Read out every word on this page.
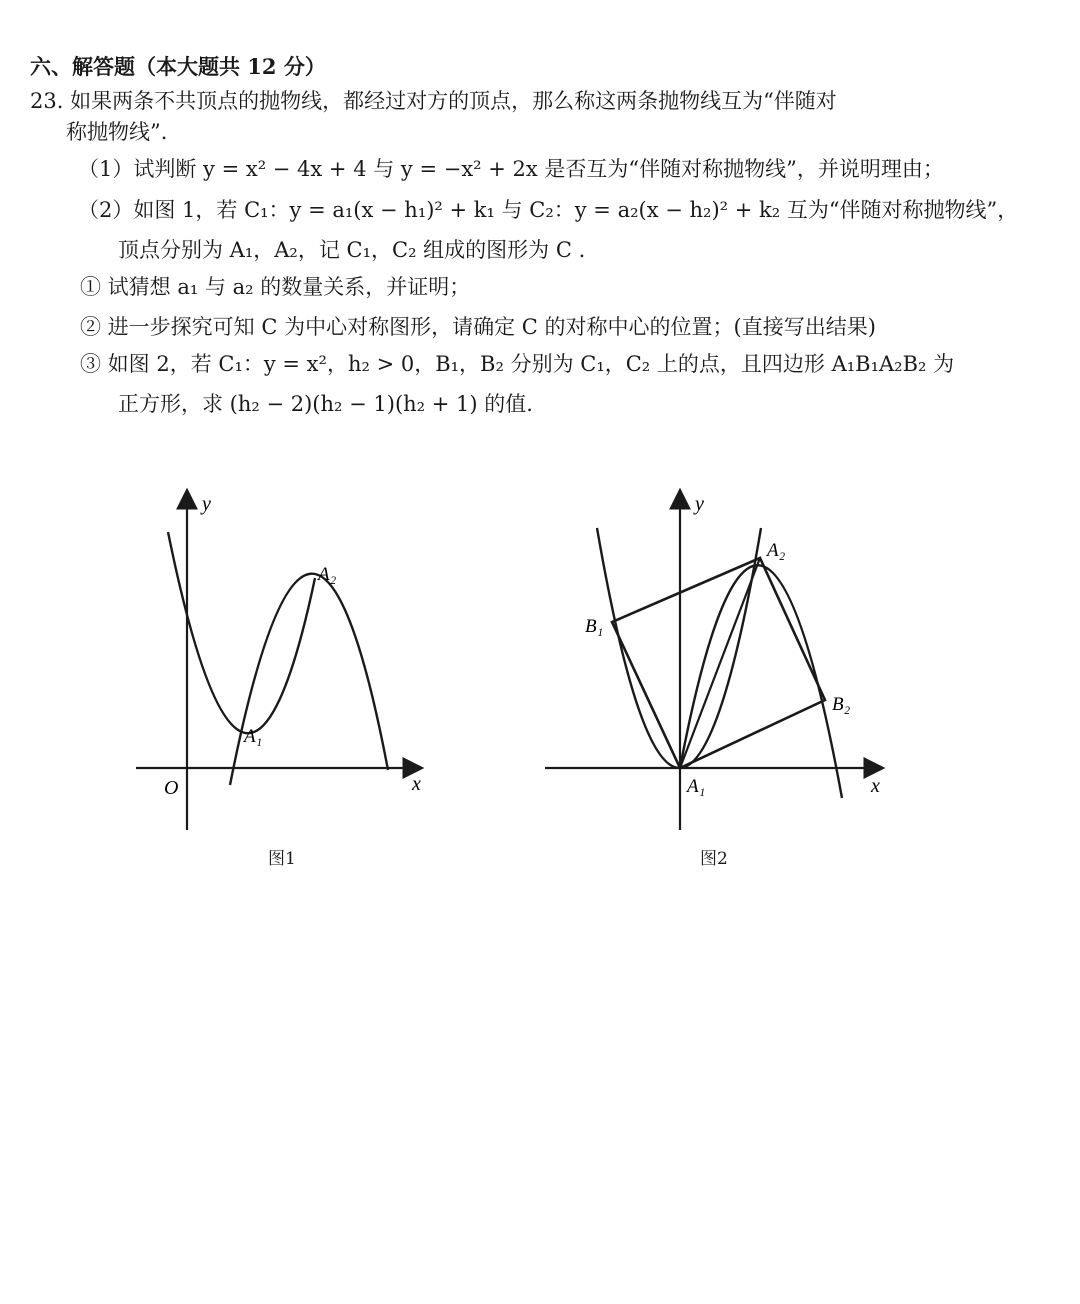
六、解答题（本大题共 12 分）
23. 如果两条不共顶点的抛物线，都经过对方的顶点，那么称这两条抛物线互为“伴随对
称抛物线”.
（1）试判断 y = x² − 4x + 4 与 y = −x² + 2x 是否互为“伴随对称抛物线”，并说明理由；
（2）如图 1，若 C₁：y = a₁(x − h₁)² + k₁ 与 C₂：y = a₂(x − h₂)² + k₂ 互为“伴随对称抛物线”，
顶点分别为 A₁，A₂，记 C₁，C₂ 组成的图形为 C .
① 试猜想 a₁ 与 a₂ 的数量关系，并证明；
② 进一步探究可知 C 为中心对称图形，请确定 C 的对称中心的位置；(直接写出结果)
③ 如图 2，若 C₁：y = x²，h₂ > 0，B₁，B₂ 分别为 C₁，C₂ 上的点，且四边形 A₁B₁A₂B₂ 为
正方形，求 (h₂ − 2)(h₂ − 1)(h₂ + 1) 的值.
y
x
O
A₁
A₂
图1
y
x
A₁
A₂
B₁
B₂
图2
